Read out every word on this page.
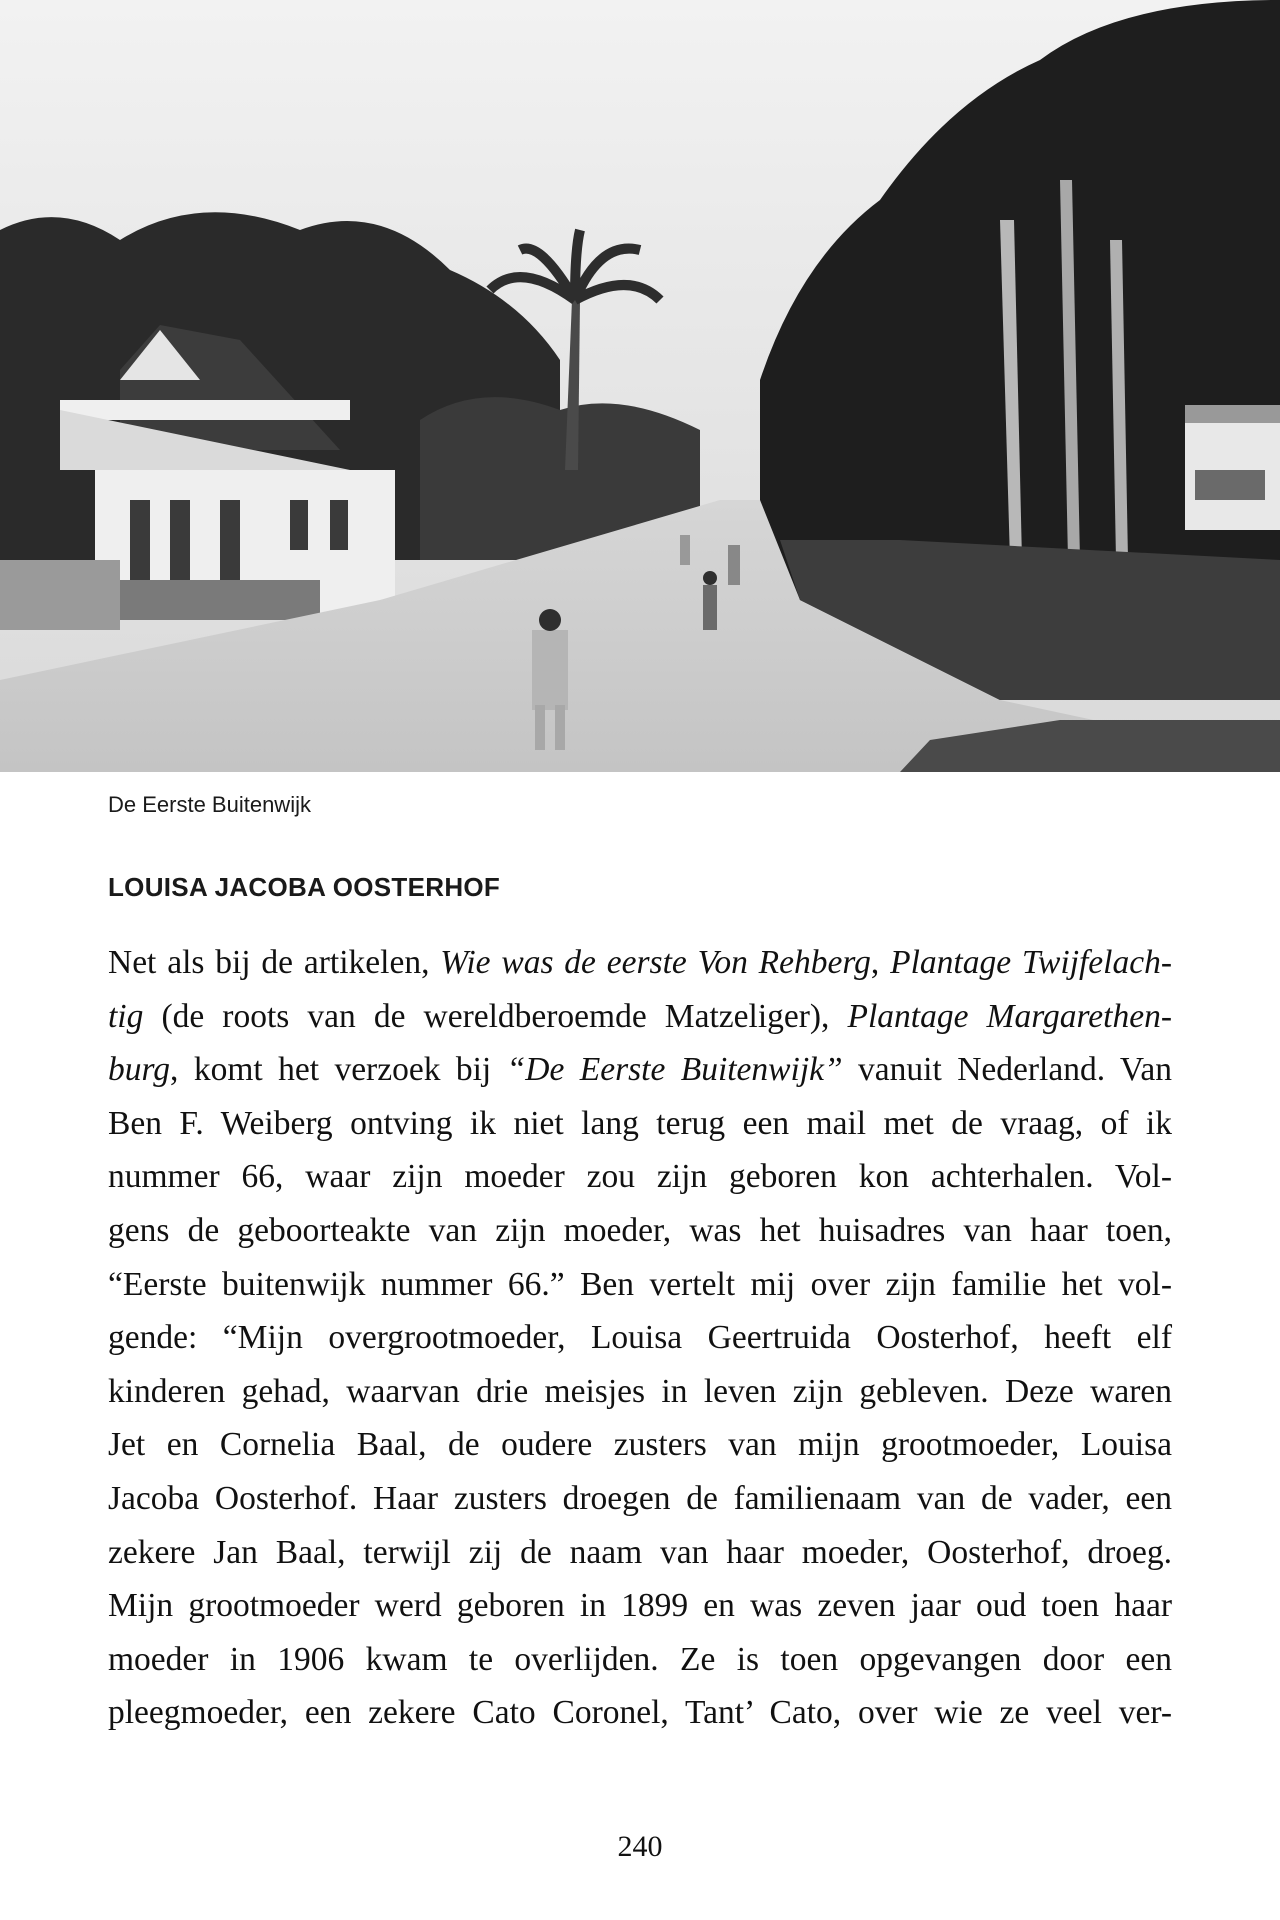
De Eerste Buitenwijk

LOUISA JACOBA OOSTERHOF
Net als bij de artikelen, Wie was de eerste Von Rehberg, Plantage Twijfelach-
tig (de roots van de wereldberoemde Matzeliger), Plantage Margarethen-
burg, komt het verzoek bij “De Eerste Buitenwijk” vanuit Nederland. Van
Ben F. Weiberg ontving ik niet lang terug een mail met de vraag, of ik
nummer 66, waar zijn moeder zou zijn geboren kon achterhalen. Vol-
gens de geboorteakte van zijn moeder, was het huisadres van haar toen,
“Eerste buitenwijk nummer 66.” Ben vertelt mij over zijn familie het vol-
gende: “Mijn overgrootmoeder, Louisa Geertruida Oosterhof, heeft elf
kinderen gehad, waarvan drie meisjes in leven zijn gebleven. Deze waren
Jet en Cornelia Baal, de oudere zusters van mijn grootmoeder, Louisa
Jacoba Oosterhof. Haar zusters droegen de familienaam van de vader, een
zekere Jan Baal, terwijl zij de naam van haar moeder, Oosterhof, droeg.
Mijn grootmoeder werd geboren in 1899 en was zeven jaar oud toen haar
moeder in 1906 kwam te overlijden. Ze is toen opgevangen door een
pleegmoeder, een zekere Cato Coronel, Tant’ Cato, over wie ze veel ver-

240
